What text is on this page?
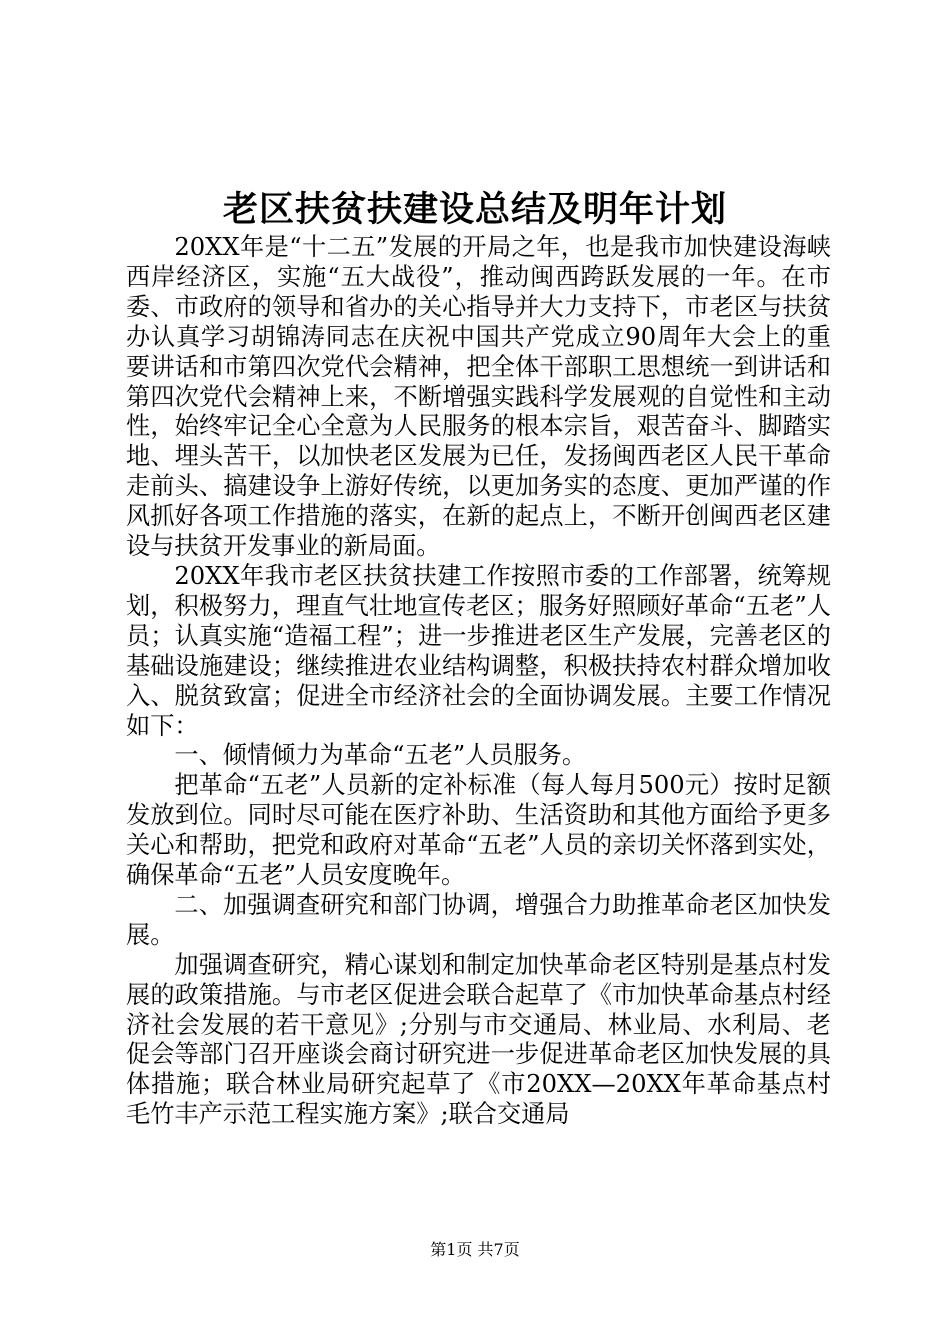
老区扶贫扶建设总结及明年计划

20XX年是“十二五”发展的开局之年，也是我市加快建设海峡西岸经济区，实施“五大战役”，推动闽西跨跃发展的一年。在市委、市政府的领导和省办的关心指导并大力支持下，市老区与扶贫办认真学习胡锦涛同志在庆祝中国共产党成立90周年大会上的重要讲话和市第四次党代会精神，把全体干部职工思想统一到讲话和第四次党代会精神上来，不断增强实践科学发展观的自觉性和主动性，始终牢记全心全意为人民服务的根本宗旨，艰苦奋斗、脚踏实地、埋头苦干，以加快老区发展为已任，发扬闽西老区人民干革命走前头、搞建设争上游好传统，以更加务实的态度、更加严谨的作风抓好各项工作措施的落实，在新的起点上，不断开创闽西老区建设与扶贫开发事业的新局面。

20XX年我市老区扶贫扶建工作按照市委的工作部署，统筹规划，积极努力，理直气壮地宣传老区；服务好照顾好革命“五老”人员；认真实施“造福工程”；进一步推进老区生产发展，完善老区的基础设施建设；继续推进农业结构调整，积极扶持农村群众增加收入、脱贫致富；促进全市经济社会的全面协调发展。主要工作情况如下：

一、倾情倾力为革命“五老”人员服务。

把革命“五老”人员新的定补标准（每人每月500元）按时足额发放到位。同时尽可能在医疗补助、生活资助和其他方面给予更多关心和帮助，把党和政府对革命“五老”人员的亲切关怀落到实处，确保革命“五老”人员安度晚年。

二、加强调查研究和部门协调，增强合力助推革命老区加快发展。

加强调查研究，精心谋划和制定加快革命老区特别是基点村发展的政策措施。与市老区促进会联合起草了《市加快革命基点村经济社会发展的若干意见》;分别与市交通局、林业局、水利局、老促会等部门召开座谈会商讨研究进一步促进革命老区加快发展的具体措施；联合林业局研究起草了《市20XX—20XX年革命基点村毛竹丰产示范工程实施方案》;联合交通局

第1页 共7页
